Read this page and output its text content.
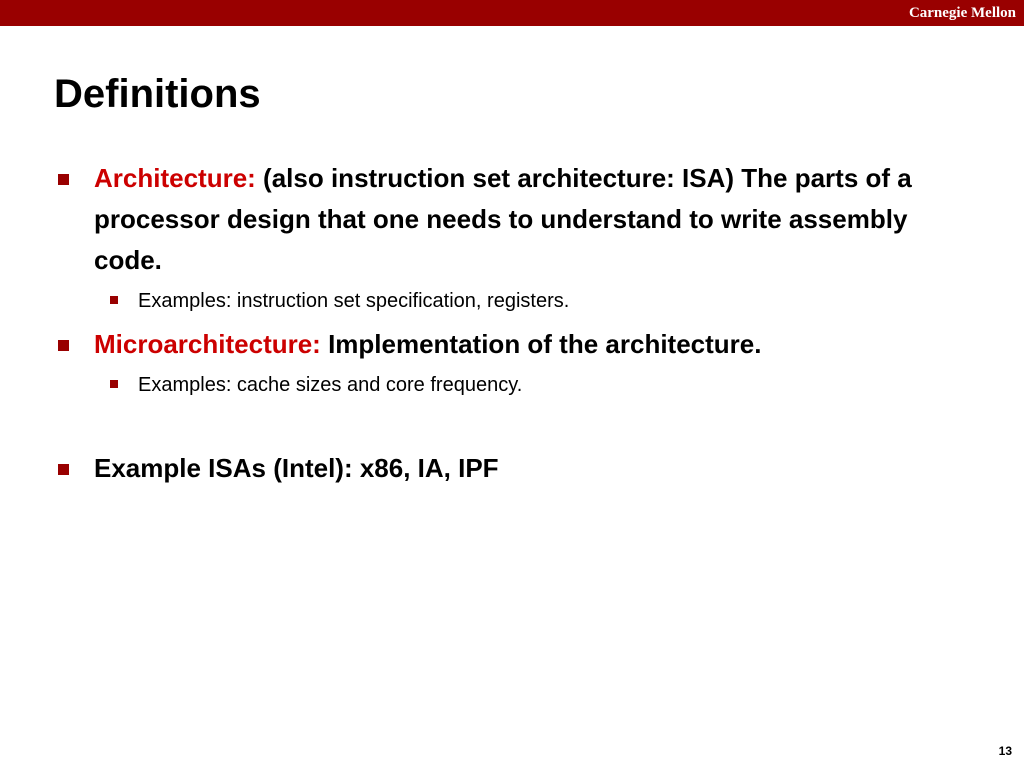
Carnegie Mellon
Definitions
Architecture: (also instruction set architecture: ISA) The parts of a processor design that one needs to understand to write assembly code.
Examples: instruction set specification, registers.
Microarchitecture: Implementation of the architecture.
Examples: cache sizes and core frequency.
Example ISAs (Intel): x86, IA, IPF
13
